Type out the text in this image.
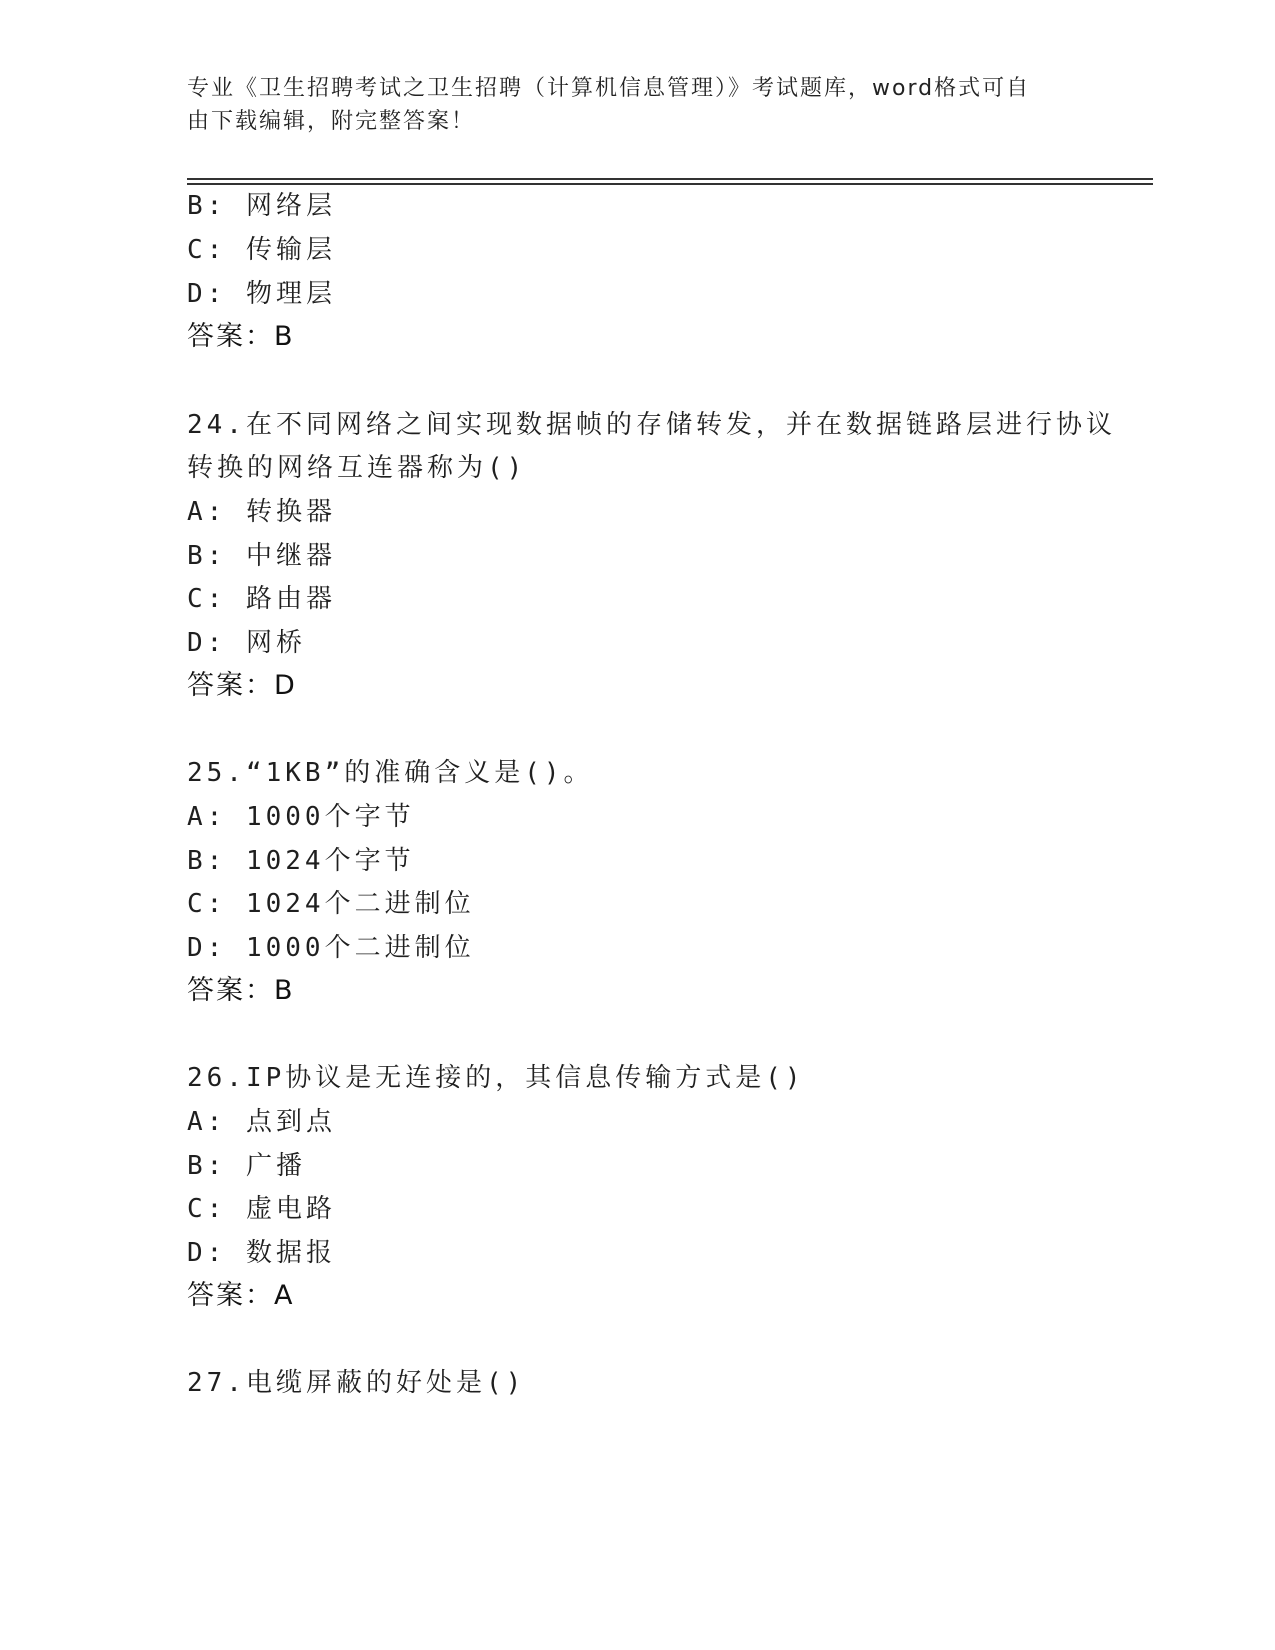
专业《卫生招聘考试之卫生招聘（计算机信息管理）》考试题库，word格式可自
由下载编辑，附完整答案！
B: 网络层
C: 传输层
D: 物理层
答案：B
24.在不同网络之间实现数据帧的存储转发，并在数据链路层进行协议
转换的网络互连器称为()
A: 转换器
B: 中继器
C: 路由器
D: 网桥
答案：D
25.“1KB”的准确含义是()。
A: 1000个字节
B: 1024个字节
C: 1024个二进制位
D: 1000个二进制位
答案：B
26.IP协议是无连接的，其信息传输方式是()
A: 点到点
B: 广播
C: 虚电路
D: 数据报
答案：A
27.电缆屏蔽的好处是()
